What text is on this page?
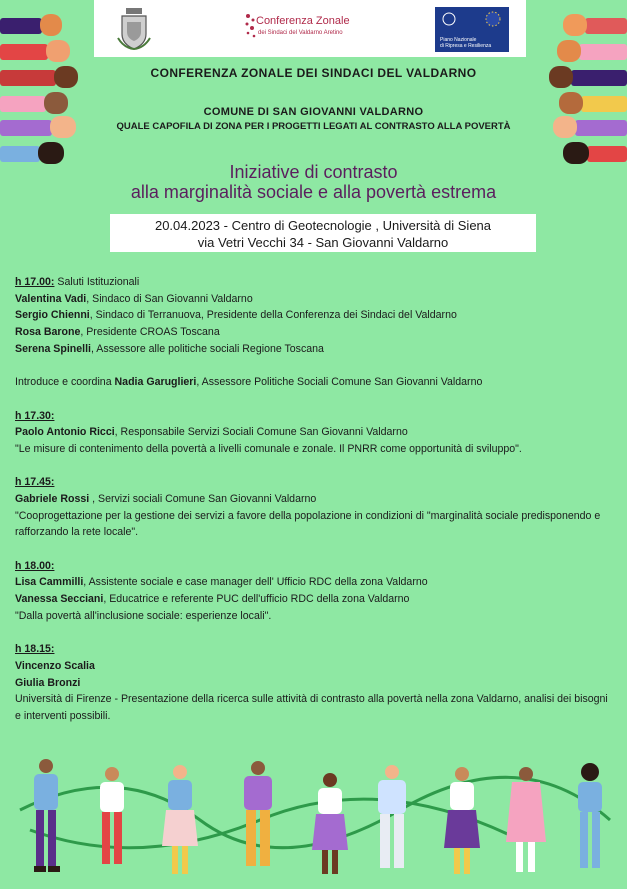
Conferenza Zonale
dei Sindaci del Valdarno Aretino
Piano Nazionale
di Ripresa e Resilienza
CONFERENZA ZONALE DEI SINDACI DEL VALDARNO
COMUNE DI SAN GIOVANNI VALDARNO
QUALE CAPOFILA DI ZONA PER I PROGETTI LEGATI AL CONTRASTO ALLA POVERTÀ
Iniziative di contrasto
alla marginalità sociale e alla povertà estrema
20.04.2023 - Centro di Geotecnologie , Università di Siena
via Vetri Vecchi 34 - San Giovanni Valdarno
h 17.00: Saluti Istituzionali
Valentina Vadi, Sindaco di San Giovanni Valdarno
Sergio Chienni, Sindaco di Terranuova, Presidente della Conferenza dei Sindaci del Valdarno
Rosa Barone, Presidente CROAS Toscana
Serena Spinelli, Assessore alle politiche sociali Regione Toscana
Introduce e coordina Nadia Garuglieri, Assessore Politiche Sociali Comune San Giovanni Valdarno
h 17.30:
Paolo Antonio Ricci, Responsabile Servizi Sociali Comune San Giovanni Valdarno
"Le misure di contenimento della povertà a livelli comunale e zonale. Il PNRR come opportunità di sviluppo".
h 17.45:
Gabriele Rossi , Servizi sociali Comune San Giovanni Valdarno
"Cooprogettazione per la gestione dei servizi a favore della popolazione in condizioni di "marginalità sociale predisponendo e rafforzando la rete locale".
h 18.00:
Lisa Cammilli, Assistente sociale e case manager dell' Ufficio RDC della zona Valdarno
Vanessa Secciani, Educatrice e referente PUC dell'ufficio RDC della zona Valdarno
"Dalla povertà all'inclusione sociale: esperienze locali".
h 18.15:
Vincenzo Scalia
Giulia Bronzi
Università di Firenze - Presentazione della ricerca sulle attività di contrasto alla povertà nella zona Valdarno, analisi dei bisogni e interventi possibili.
